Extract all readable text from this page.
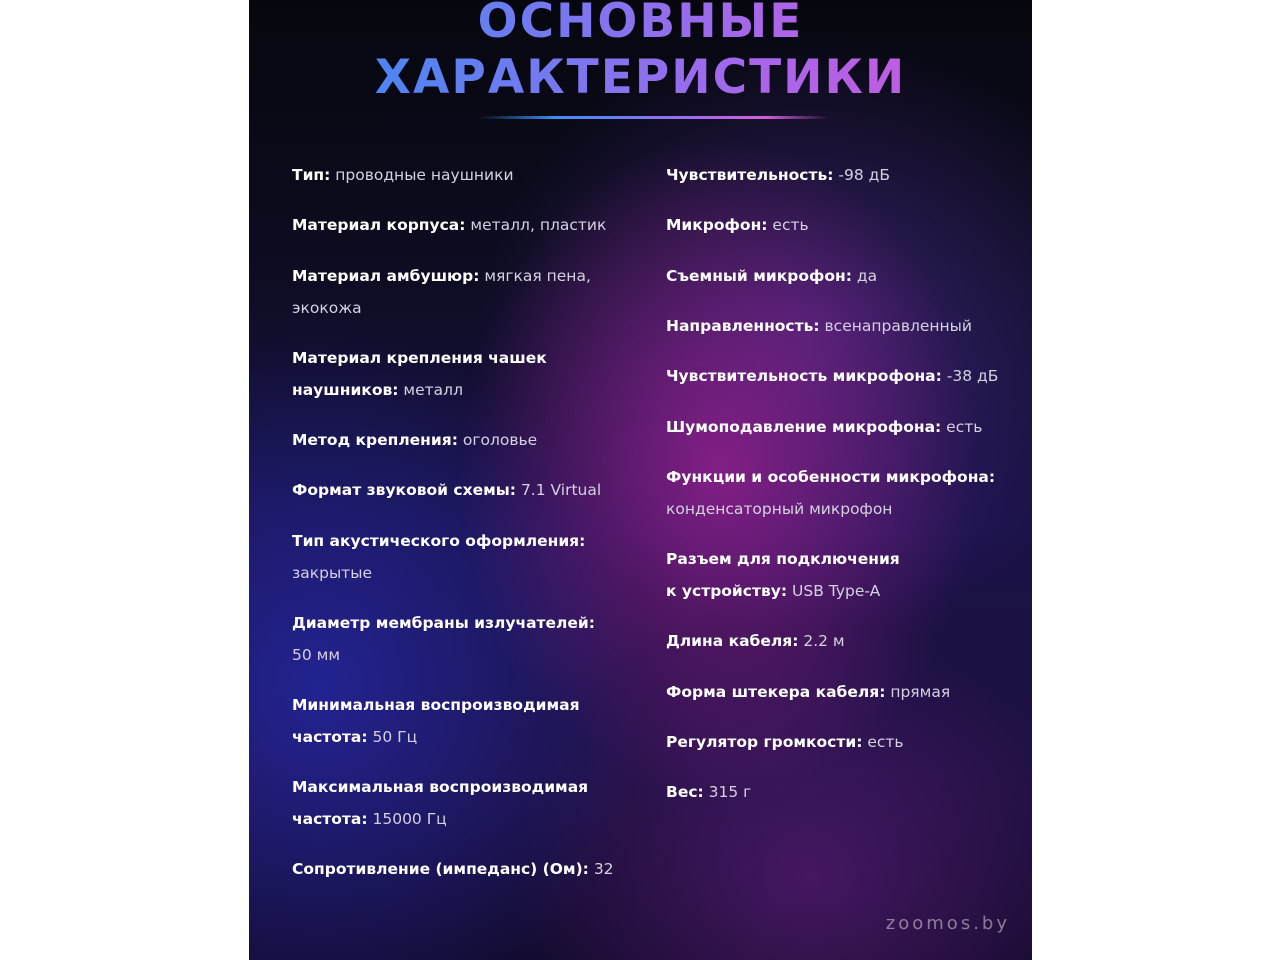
ОСНОВНЫЕ
ХАРАКТЕРИСТИКИ
Тип: проводные наушники
Материал корпуса: металл, пластик
Материал амбушюр: мягкая пена,
экокожа
Материал крепления чашек
наушников: металл
Метод крепления: оголовье
Формат звуковой схемы: 7.1 Virtual
Тип акустического оформления:
закрытые
Диаметр мембраны излучателей:
50 мм
Минимальная воспроизводимая
частота: 50 Гц
Максимальная воспроизводимая
частота: 15000 Гц
Сопротивление (импеданс) (Ом): 32
Чувствительность: -98 дБ
Микрофон: есть
Съемный микрофон: да
Направленность: всенаправленный
Чувствительность микрофона: -38 дБ
Шумоподавление микрофона: есть
Функции и особенности микрофона:
конденсаторный микрофон
Разъем для подключения
к устройству: USB Type-A
Длина кабеля: 2.2 м
Форма штекера кабеля: прямая
Регулятор громкости: есть
Вес: 315 г
zoomos.by
